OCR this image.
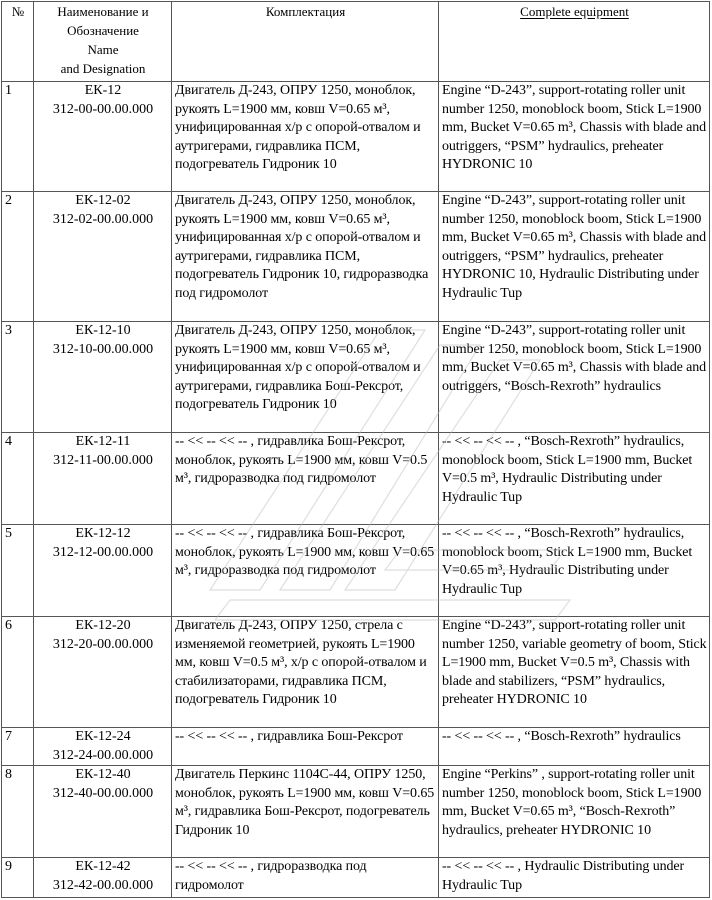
№	Наименование и
Обозначение
Name
and Designation	Комплектация	Complete equipment
1	ЕК-12
312-00-00.00.000	Двигатель Д-243, ОПРУ 1250, моноблок, рукоять L=1900 мм, ковш V=0.65 м³, унифицированная х/р с опорой-отвалом и аутригерами, гидравлика ПСМ, подогреватель Гидроник 10	Engine “D-243”, support-rotating roller unit number 1250, monoblock boom, Stick L=1900 mm, Bucket V=0.65 m³, Chassis with blade and outriggers, “PSM” hydraulics, preheater HYDRONIC 10
2	ЕК-12-02
312-02-00.00.000	Двигатель Д-243, ОПРУ 1250, моноблок, рукоять L=1900 мм, ковш V=0.65 м³, унифицированная х/р с опорой-отвалом и аутригерами, гидравлика ПСМ, подогреватель Гидроник 10, гидроразводка под гидромолот	Engine “D-243”, support-rotating roller unit number 1250, monoblock boom, Stick L=1900 mm, Bucket V=0.65 m³, Chassis with blade and outriggers, “PSM” hydraulics, preheater HYDRONIC 10, Hydraulic Distributing under Hydraulic Tup
3	ЕК-12-10
312-10-00.00.000	Двигатель Д-243, ОПРУ 1250, моноблок, рукоять L=1900 мм, ковш V=0.65 м³, унифицированная х/р с опорой-отвалом и аутригерами, гидравлика Бош-Рексрот, подогреватель Гидроник 10	Engine “D-243”, support-rotating roller unit number 1250, monoblock boom, Stick L=1900 mm, Bucket V=0.65 m³, Chassis with blade and outriggers, “Bosch-Rexroth” hydraulics
4	ЕК-12-11
312-11-00.00.000	-- << -- << -- , гидравлика Бош-Рексрот, моноблок, рукоять L=1900 мм, ковш V=0.5 м³, гидроразводка под гидромолот	-- << -- << -- , “Bosch-Rexroth” hydraulics, monoblock boom, Stick L=1900 mm, Bucket V=0.5 m³, Hydraulic Distributing under Hydraulic Tup
5	ЕК-12-12
312-12-00.00.000	-- << -- << -- , гидравлика Бош-Рексрот, моноблок, рукоять L=1900 мм, ковш V=0.65 м³, гидроразводка под гидромолот	-- << -- << -- , “Bosch-Rexroth” hydraulics, monoblock boom, Stick L=1900 mm, Bucket V=0.65 m³, Hydraulic Distributing under Hydraulic Tup
6	ЕК-12-20
312-20-00.00.000	Двигатель Д-243, ОПРУ 1250, стрела с изменяемой геометрией, рукоять L=1900 мм, ковш V=0.5 м³, х/р с опорой-отвалом и стабилизаторами, гидравлика ПСМ, подогреватель Гидроник 10	Engine “D-243”, support-rotating roller unit number 1250, variable geometry of boom, Stick L=1900 mm, Bucket V=0.5 m³, Chassis with blade and stabilizers, “PSM” hydraulics, preheater HYDRONIC 10
7	ЕК-12-24
312-24-00.00.000	-- << -- << -- , гидравлика Бош-Рексрот	-- << -- << -- , “Bosch-Rexroth” hydraulics
8	ЕК-12-40
312-40-00.00.000	Двигатель Перкинс 1104С-44, ОПРУ 1250, моноблок, рукоять L=1900 мм, ковш V=0.65 м³, гидравлика Бош-Рексрот, подогреватель Гидроник 10	Engine “Perkins” , support-rotating roller unit number 1250, monoblock boom, Stick L=1900 mm, Bucket V=0.65 m³, “Bosch-Rexroth” hydraulics, preheater HYDRONIC 10
9	ЕК-12-42
312-42-00.00.000	-- << -- << -- , гидроразводка под гидромолот	-- << -- << -- , Hydraulic Distributing under Hydraulic Tup
